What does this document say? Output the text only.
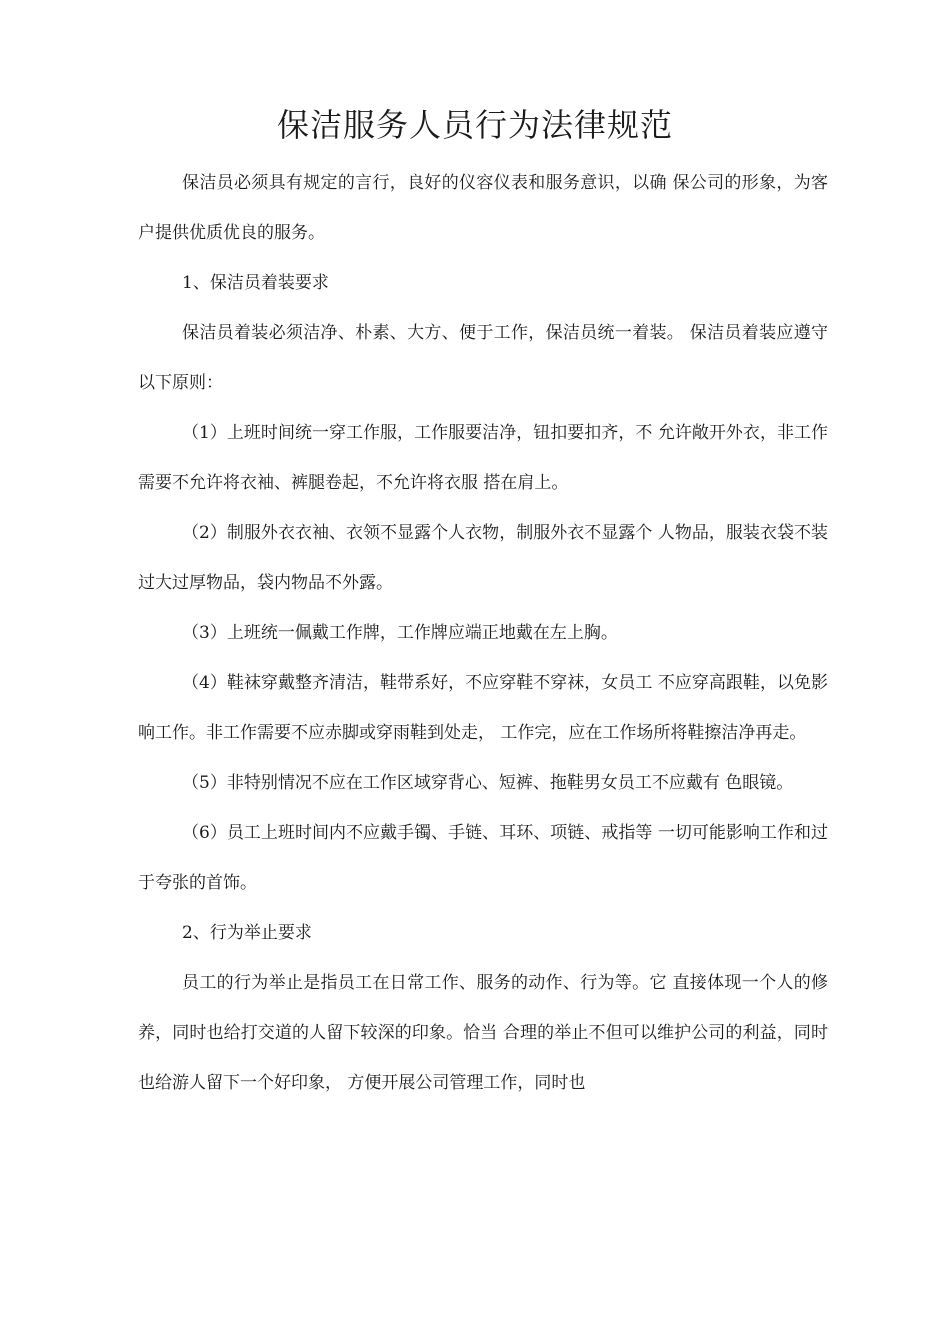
保洁服务人员行为法律规范

保洁员必须具有规定的言行，良好的仪容仪表和服务意识，以确 保公司的形象，为客户提供优质优良的服务。

1、保洁员着装要求

保洁员着装必须洁净、朴素、大方、便于工作，保洁员统一着装。 保洁员着装应遵守以下原则：

（1）上班时间统一穿工作服，工作服要洁净，钮扣要扣齐，不 允许敞开外衣，非工作需要不允许将衣袖、裤腿卷起，不允许将衣服 搭在肩上。

（2）制服外衣衣袖、衣领不显露个人衣物，制服外衣不显露个 人物品，服装衣袋不装过大过厚物品，袋内物品不外露。

（3）上班统一佩戴工作牌，工作牌应端正地戴在左上胸。

（4）鞋袜穿戴整齐清洁，鞋带系好，不应穿鞋不穿袜，女员工 不应穿高跟鞋，以免影响工作。非工作需要不应赤脚或穿雨鞋到处走， 工作完，应在工作场所将鞋擦洁净再走。

（5）非特别情况不应在工作区域穿背心、短裤、拖鞋男女员工不应戴有 色眼镜。

（6）员工上班时间内不应戴手镯、手链、耳环、项链、戒指等 一切可能影响工作和过于夸张的首饰。

2、行为举止要求

员工的行为举止是指员工在日常工作、服务的动作、行为等。它 直接体现一个人的修养，同时也给打交道的人留下较深的印象。恰当 合理的举止不但可以维护公司的利益，同时也给游人留下一个好印象， 方便开展公司管理工作，同时也
